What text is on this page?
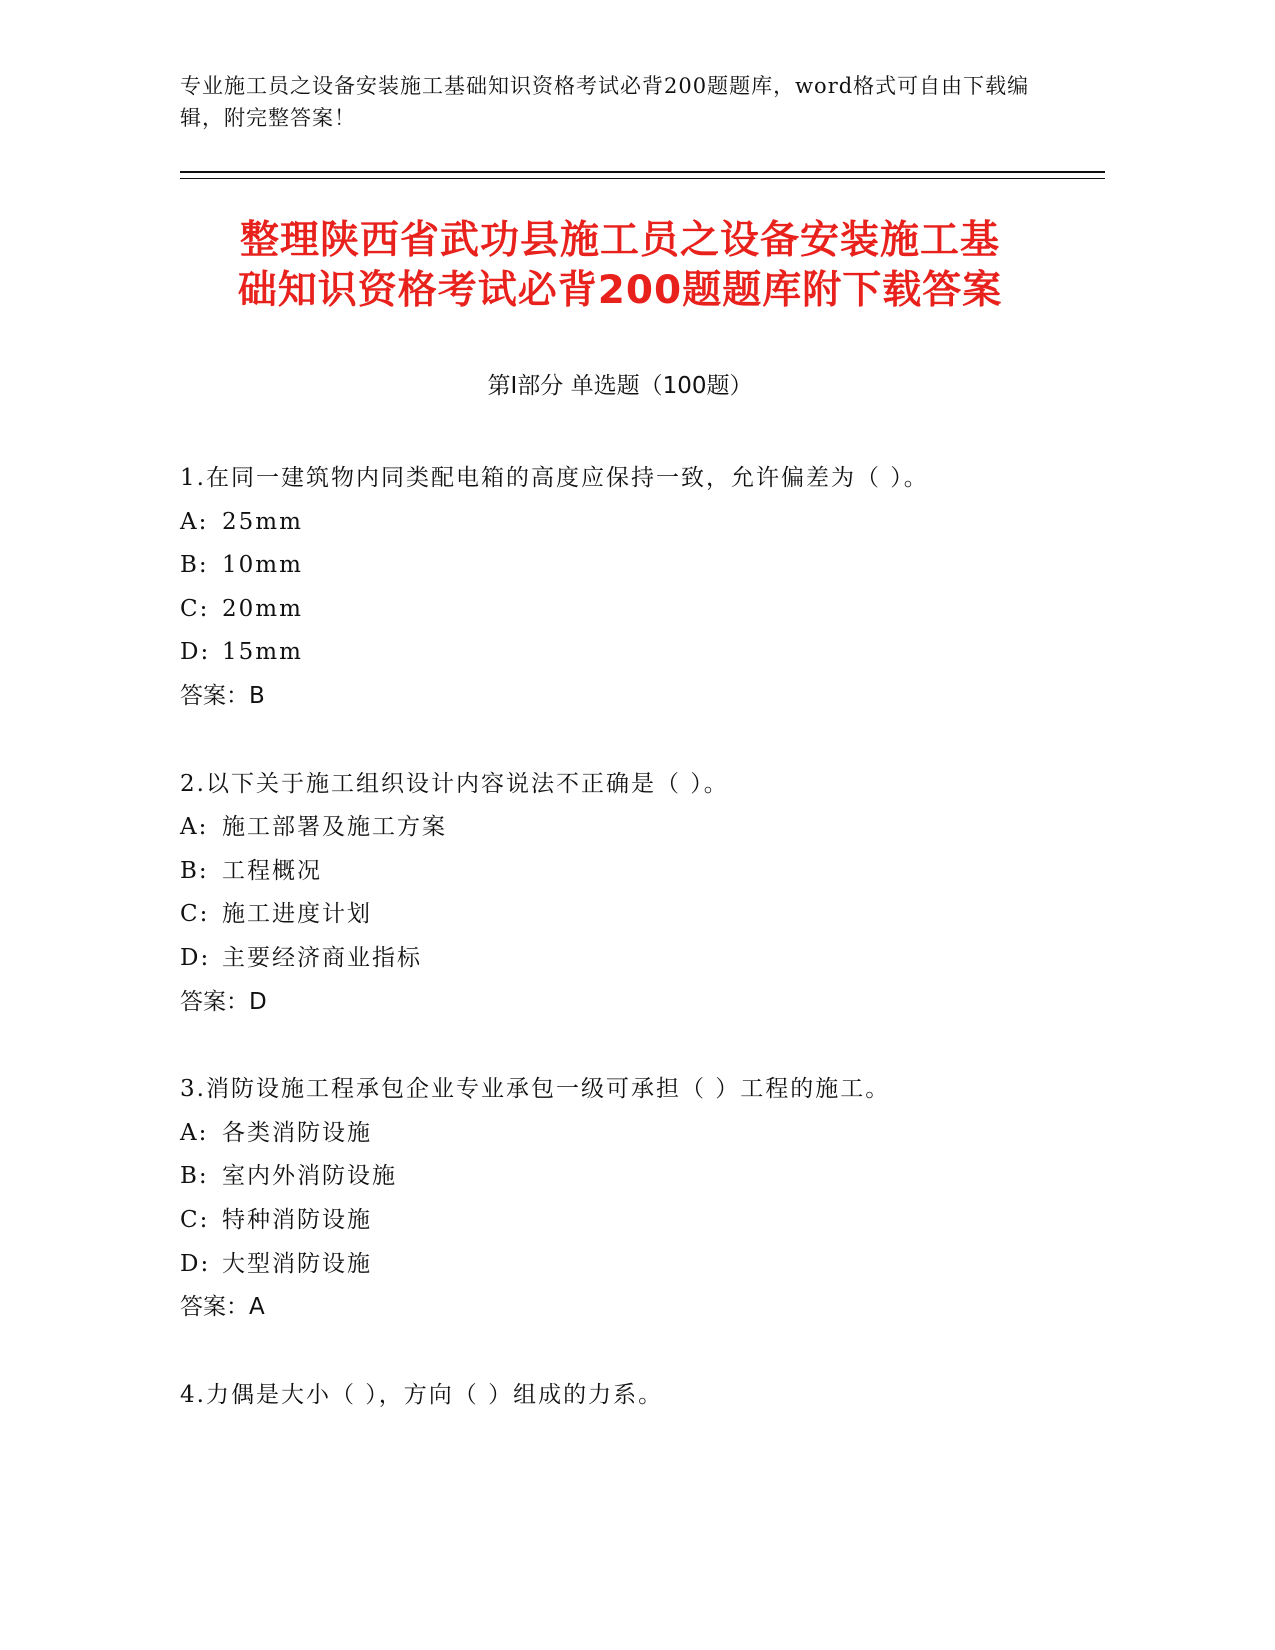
专业施工员之设备安装施工基础知识资格考试必背200题题库，word格式可自由下载编辑，附完整答案！
整理陕西省武功县施工员之设备安装施工基
础知识资格考试必背200题题库附下载答案
第Ⅰ部分 单选题（100题）
1.在同一建筑物内同类配电箱的高度应保持一致，允许偏差为（ ）。
A: 25mm
B: 10mm
C: 20mm
D: 15mm
答案：B
2.以下关于施工组织设计内容说法不正确是（ ）。
A: 施工部署及施工方案
B: 工程概况
C: 施工进度计划
D: 主要经济商业指标
答案：D
3.消防设施工程承包企业专业承包一级可承担（ ）工程的施工。
A: 各类消防设施
B: 室内外消防设施
C: 特种消防设施
D: 大型消防设施
答案：A
4.力偶是大小（ ），方向（ ）组成的力系。
